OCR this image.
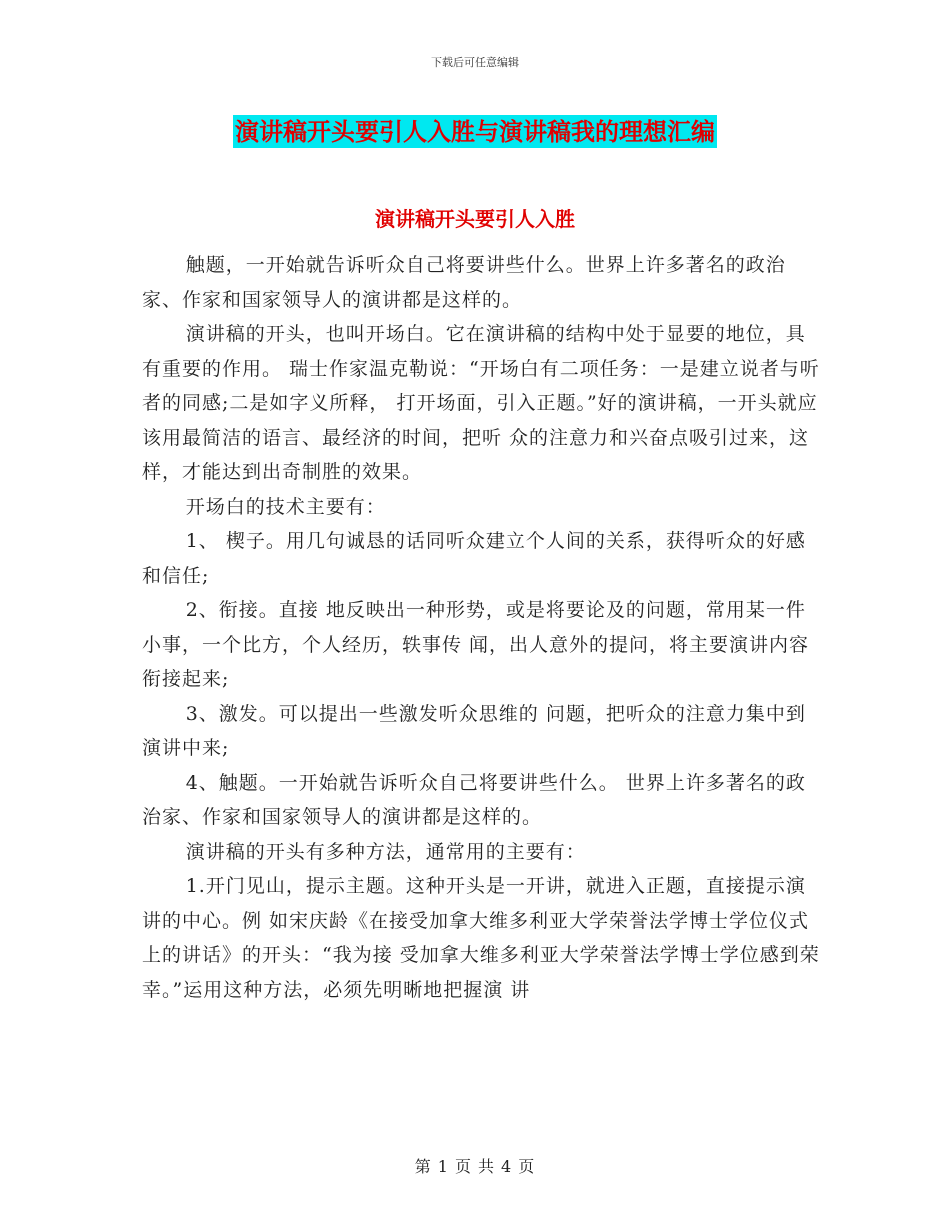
下载后可任意编辑
演讲稿开头要引人入胜与演讲稿我的理想汇编
演讲稿开头要引人入胜

触题，一开始就告诉听众自己将要讲些什么。世界上许多著名的政治家、作家和国家领导人的演讲都是这样的。

演讲稿的开头，也叫开场白。它在演讲稿的结构中处于显要的地位，具有重要的作用。 瑞士作家温克勒说：“开场白有二项任务：一是建立说者与听者的同感;二是如字义所释， 打开场面，引入正题。”好的演讲稿，一开头就应该用最简洁的语言、最经济的时间，把听 众的注意力和兴奋点吸引过来，这样，才能达到出奇制胜的效果。

开场白的技术主要有：

1、 楔子。用几句诚恳的话同听众建立个人间的关系，获得听众的好感和信任;

2、衔接。直接 地反映出一种形势，或是将要论及的问题，常用某一件小事，一个比方，个人经历，轶事传 闻，出人意外的提问，将主要演讲内容衔接起来;

3、激发。可以提出一些激发听众思维的 问题，把听众的注意力集中到演讲中来;

4、触题。一开始就告诉听众自己将要讲些什么。 世界上许多著名的政治家、作家和国家领导人的演讲都是这样的。

演讲稿的开头有多种方法，通常用的主要有：

1.开门见山，提示主题。这种开头是一开讲，就进入正题，直接提示演讲的中心。例 如宋庆龄《在接受加拿大维多利亚大学荣誉法学博士学位仪式上的讲话》的开头：“我为接 受加拿大维多利亚大学荣誉法学博士学位感到荣幸。”运用这种方法，必须先明晰地把握演 讲

第 1 页 共 4 页
